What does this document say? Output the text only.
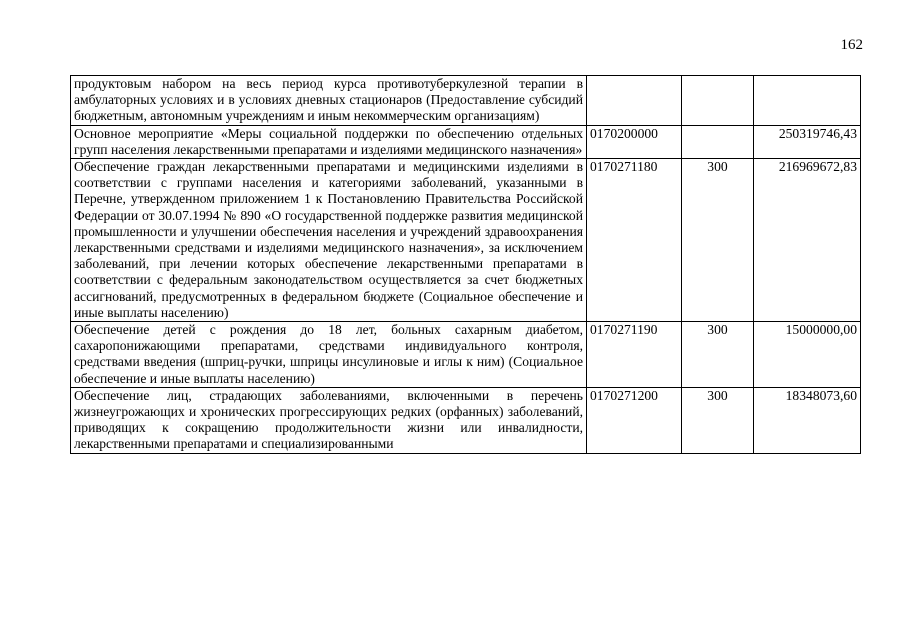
162
продуктовым набором на весь период курса противотуберкулезной терапии в амбулаторных условиях и в условиях дневных стационаров (Предоставление субсидий бюджетным, автономным учреждениям и иным некоммерческим организациям)			
Основное мероприятие «Меры социальной поддержки по обеспечению отдельных групп населения лекарственными препаратами и изделиями медицинского назначения»	0170200000		250319746,43
Обеспечение граждан лекарственными препаратами и медицинскими изделиями в соответствии с группами населения и категориями заболеваний, указанными в Перечне, утвержденном приложением 1 к Постановлению Правительства Российской Федерации от 30.07.1994 № 890 «О государственной поддержке развития медицинской промышленности и улучшении обеспечения населения и учреждений здравоохранения лекарственными средствами и изделиями медицинского назначения», за исключением заболеваний, при лечении которых обеспечение лекарственными препаратами в соответствии с федеральным законодательством осуществляется за счет бюджетных ассигнований, предусмотренных в федеральном бюджете (Социальное обеспечение и иные выплаты населению)	0170271180	300	216969672,83
Обеспечение детей с рождения до 18 лет, больных сахарным диабетом, сахаропонижающими препаратами, средствами индивидуального контроля, средствами введения (шприц-ручки, шприцы инсулиновые и иглы к ним) (Социальное обеспечение и иные выплаты населению)	0170271190	300	15000000,00
Обеспечение лиц, страдающих заболеваниями, включенными в перечень жизнеугрожающих и хронических прогрессирующих редких (орфанных) заболеваний, приводящих к сокращению продолжительности жизни или инвалидности, лекарственными препаратами и специализированными	0170271200	300	18348073,60
